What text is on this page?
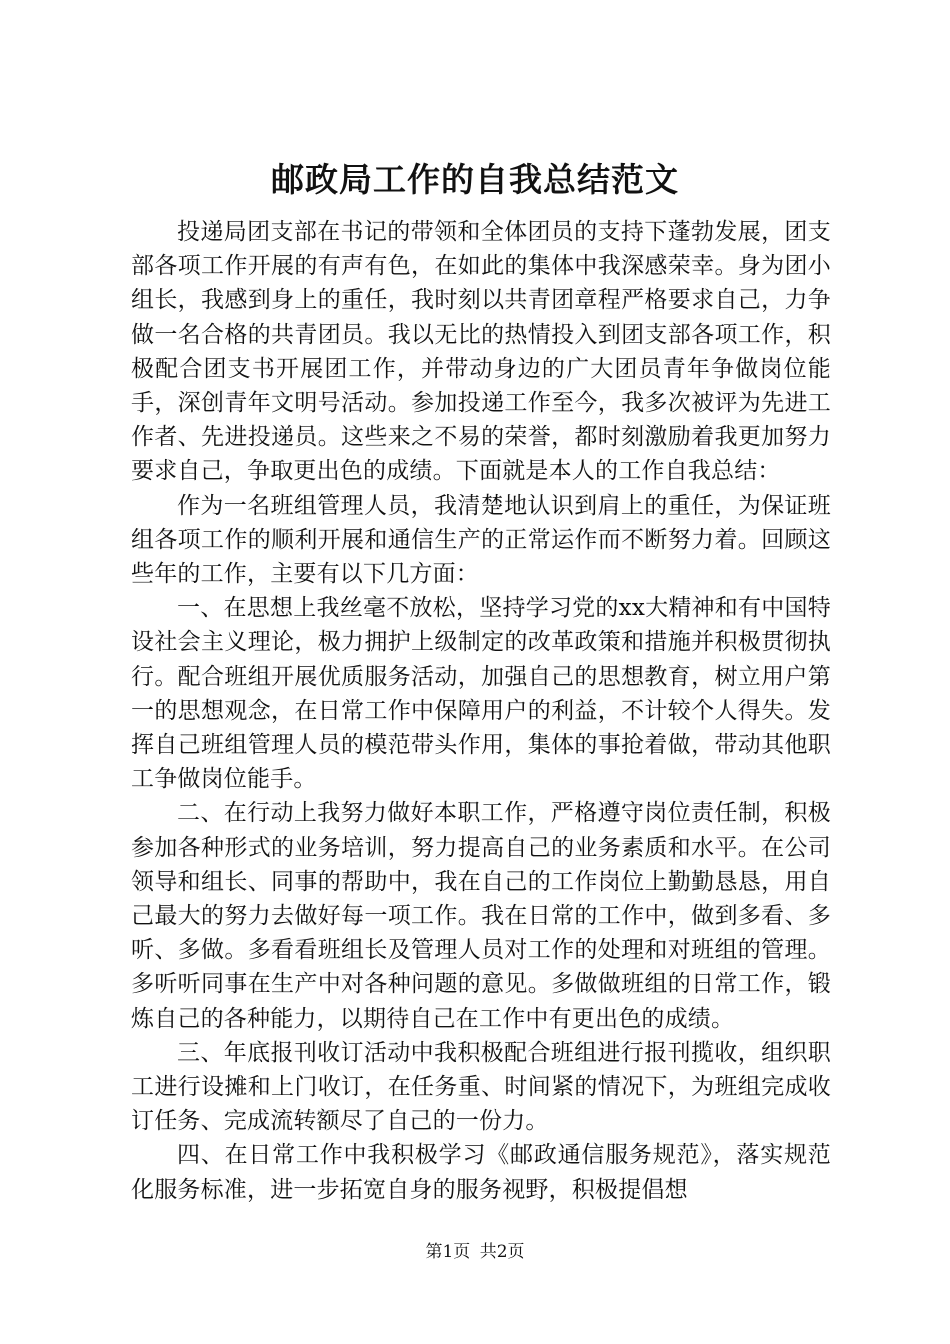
邮政局工作的自我总结范文

投递局团支部在书记的带领和全体团员的支持下蓬勃发展，团支部各项工作开展的有声有色，在如此的集体中我深感荣幸。身为团小组长，我感到身上的重任，我时刻以共青团章程严格要求自己，力争做一名合格的共青团员。我以无比的热情投入到团支部各项工作，积极配合团支书开展团工作，并带动身边的广大团员青年争做岗位能手，深创青年文明号活动。参加投递工作至今，我多次被评为先进工作者、先进投递员。这些来之不易的荣誉，都时刻激励着我更加努力要求自己，争取更出色的成绩。下面就是本人的工作自我总结：

作为一名班组管理人员，我清楚地认识到肩上的重任，为保证班组各项工作的顺利开展和通信生产的正常运作而不断努力着。回顾这些年的工作，主要有以下几方面：

一、在思想上我丝毫不放松，坚持学习党的xx大精神和有中国特设社会主义理论，极力拥护上级制定的改革政策和措施并积极贯彻执行。配合班组开展优质服务活动，加强自己的思想教育，树立用户第一的思想观念，在日常工作中保障用户的利益，不计较个人得失。发挥自己班组管理人员的模范带头作用，集体的事抢着做，带动其他职工争做岗位能手。

二、在行动上我努力做好本职工作，严格遵守岗位责任制，积极参加各种形式的业务培训，努力提高自己的业务素质和水平。在公司领导和组长、同事的帮助中，我在自己的工作岗位上勤勤恳恳，用自己最大的努力去做好每一项工作。我在日常的工作中，做到多看、多听、多做。多看看班组长及管理人员对工作的处理和对班组的管理。多听听同事在生产中对各种问题的意见。多做做班组的日常工作，锻炼自己的各种能力，以期待自己在工作中有更出色的成绩。

三、年底报刊收订活动中我积极配合班组进行报刊揽收，组织职工进行设摊和上门收订，在任务重、时间紧的情况下，为班组完成收订任务、完成流转额尽了自己的一份力。

四、在日常工作中我积极学习《邮政通信服务规范》，落实规范化服务标准，进一步拓宽自身的服务视野，积极提倡想

第1页 共2页
